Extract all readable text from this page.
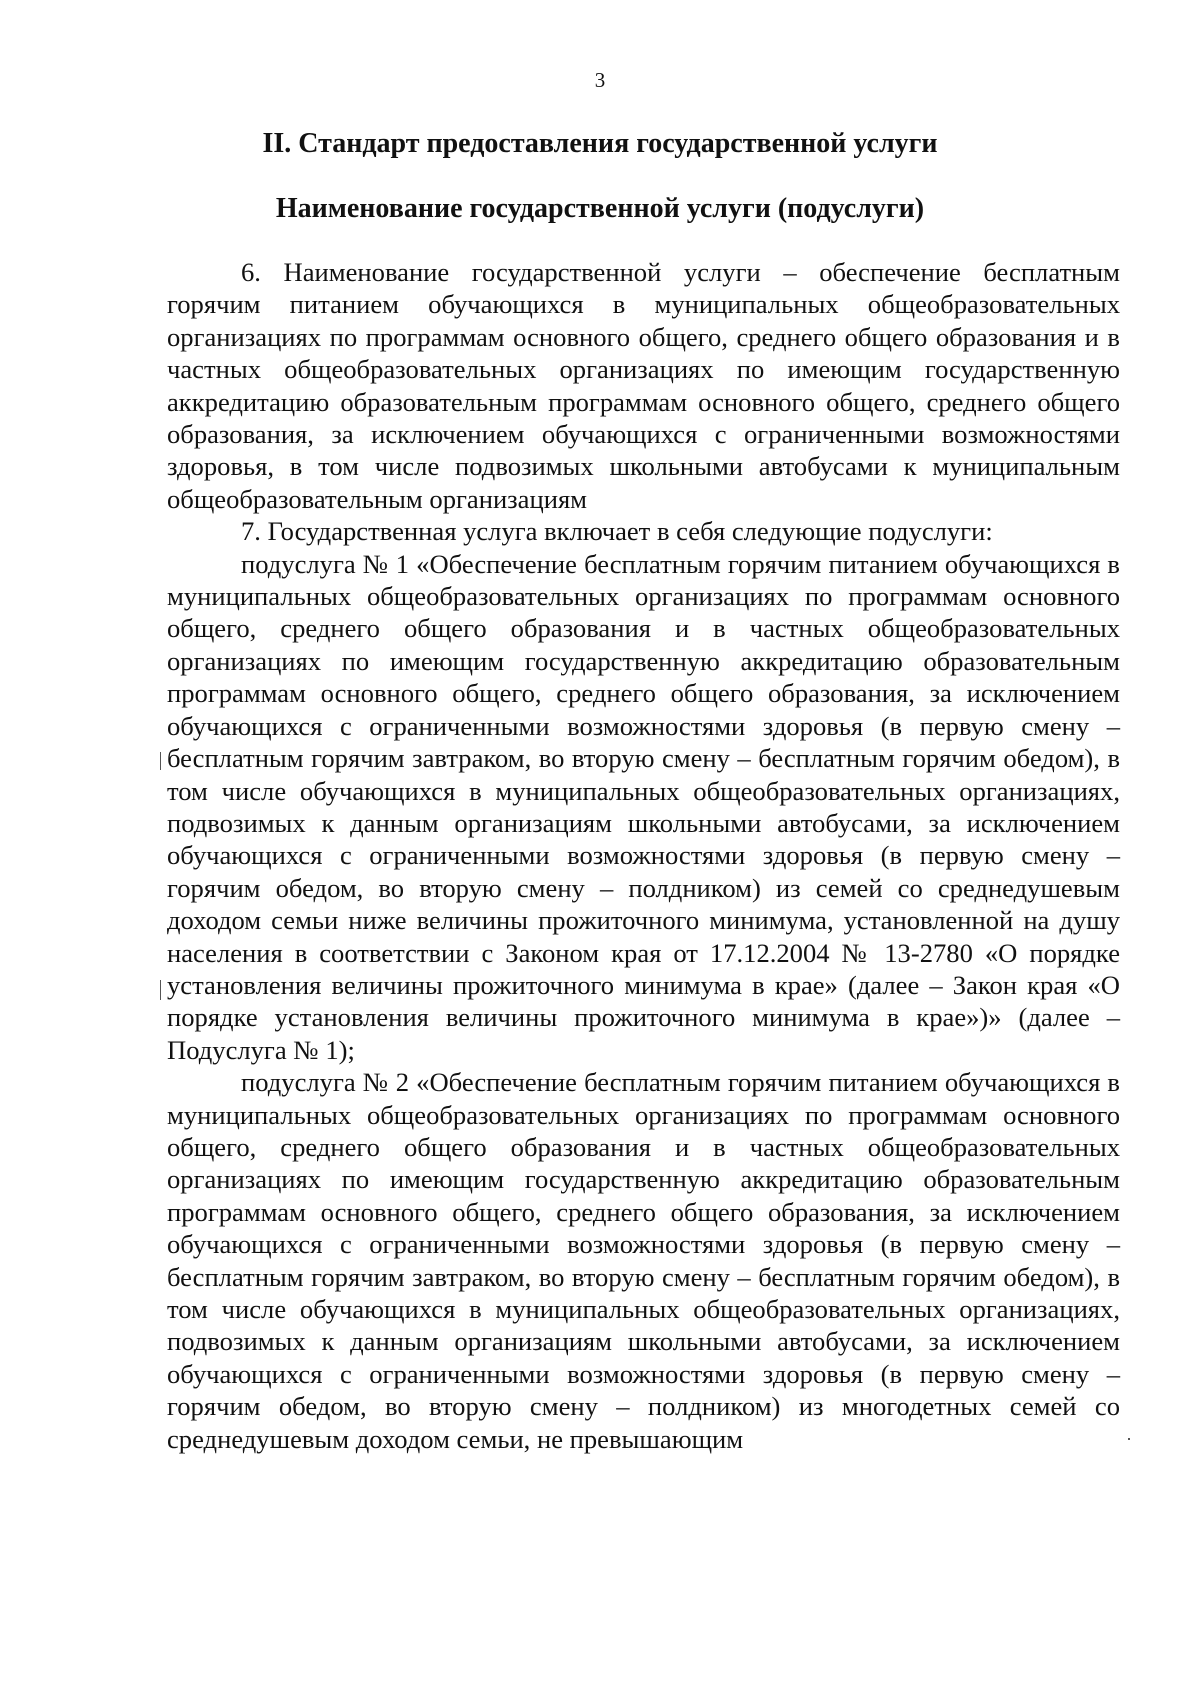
3
II. Стандарт предоставления государственной услуги
Наименование государственной услуги (подуслуги)

6. Наименование государственной услуги – обеспечение бесплатным горячим питанием обучающихся в муниципальных общеобразовательных организациях по программам основного общего, среднего общего образования и в частных общеобразовательных организациях по имеющим государственную аккредитацию образовательным программам основного общего, среднего общего образования, за исключением обучающихся с ограниченными возможностями здоровья, в том числе подвозимых школьными автобусами к муниципальным общеобразовательным организациям

7. Государственная услуга включает в себя следующие подуслуги:

подуслуга № 1 «Обеспечение бесплатным горячим питанием обучающихся в муниципальных общеобразовательных организациях по программам основного общего, среднего общего образования и в частных общеобразовательных организациях по имеющим государственную аккредитацию образовательным программам основного общего, среднего общего образования, за исключением обучающихся с ограниченными возможностями здоровья (в первую смену – бесплатным горячим завтраком, во вторую смену – бесплатным горячим обедом), в том числе обучающихся в муниципальных общеобразовательных организациях, подвозимых к данным организациям школьными автобусами, за исключением обучающихся с ограниченными возможностями здоровья (в первую смену – горячим обедом, во вторую смену – полдником) из семей со среднедушевым доходом семьи ниже величины прожиточного минимума, установленной на душу населения в соответствии с Законом края от 17.12.2004 № 13-2780 «О порядке установления величины прожиточного минимума в крае» (далее – Закон края «О порядке установления величины прожиточного минимума в крае»)» (далее – Подуслуга № 1);

подуслуга № 2 «Обеспечение бесплатным горячим питанием обучающихся в муниципальных общеобразовательных организациях по программам основного общего, среднего общего образования и в частных общеобразовательных организациях по имеющим государственную аккредитацию образовательным программам основного общего, среднего общего образования, за исключением обучающихся с ограниченными возможностями здоровья (в первую смену – бесплатным горячим завтраком, во вторую смену – бесплатным горячим обедом), в том числе обучающихся в муниципальных общеобразовательных организациях, подвозимых к данным организациям школьными автобусами, за исключением обучающихся с ограниченными возможностями здоровья (в первую смену – горячим обедом, во вторую смену – полдником) из многодетных семей со среднедушевым доходом семьи, не превышающим
